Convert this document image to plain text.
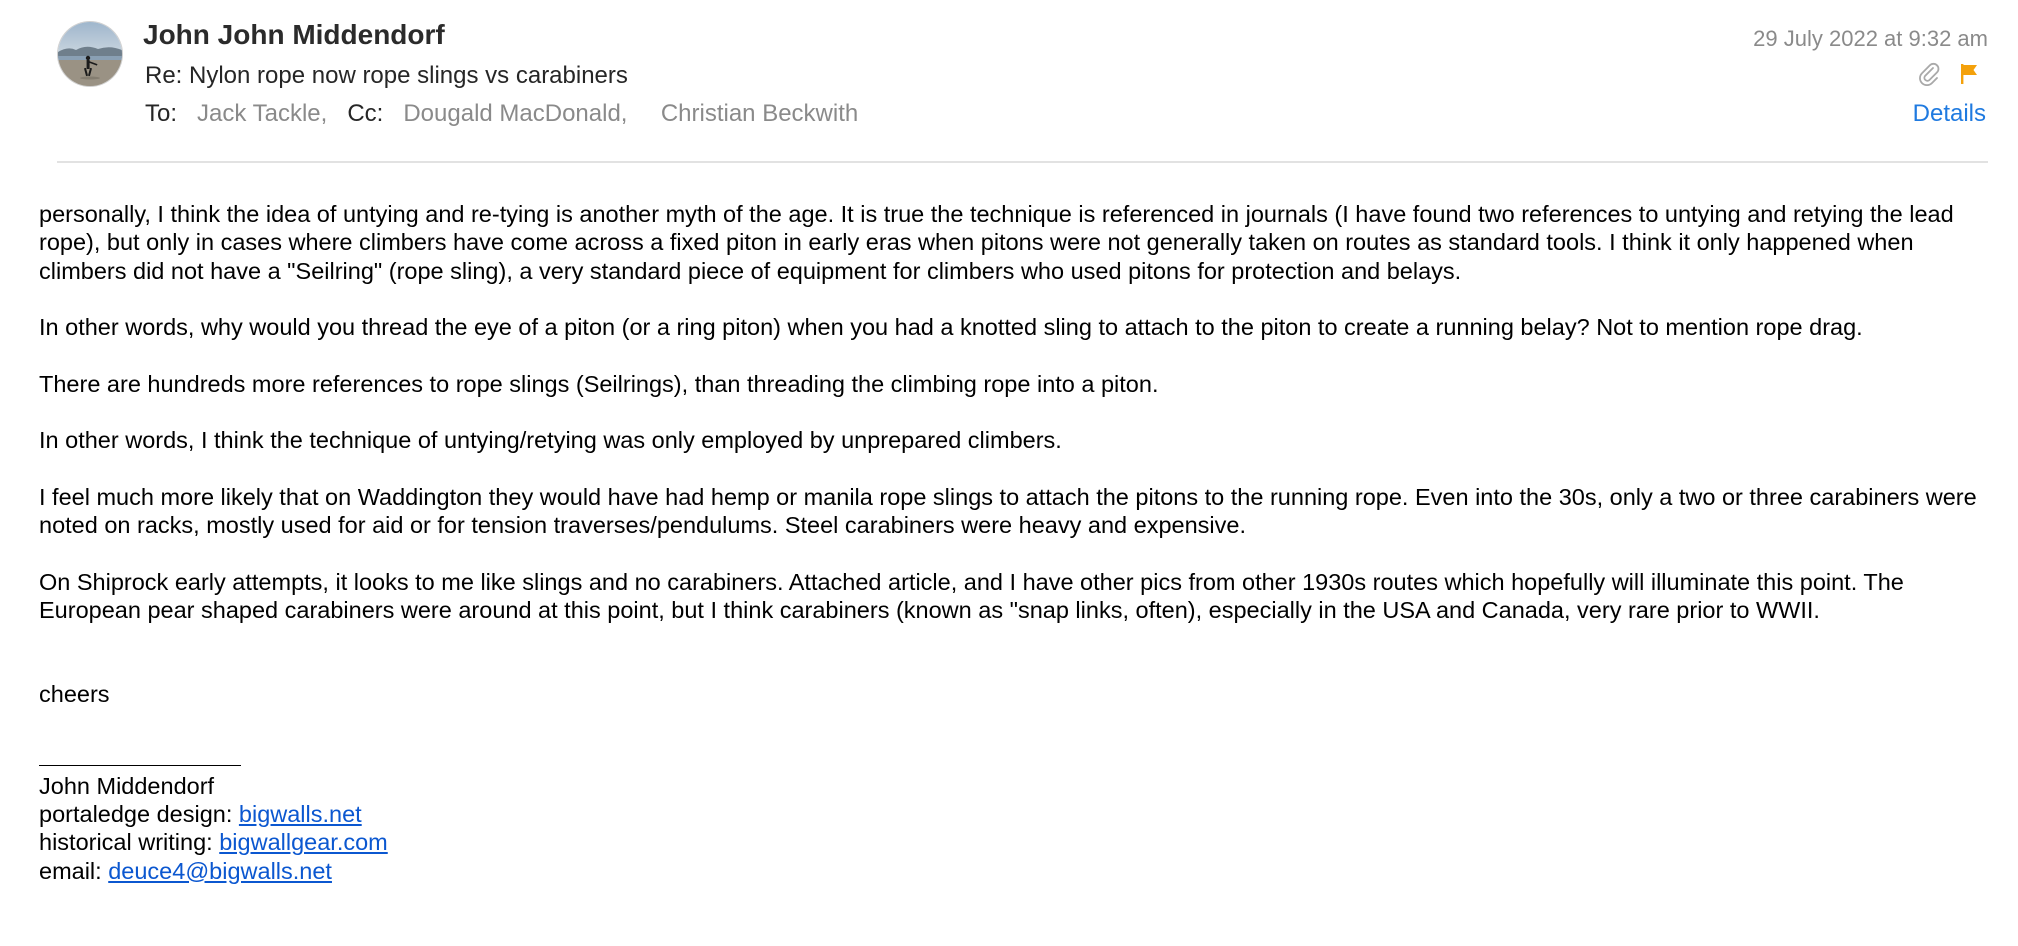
John John Middendorf
Re: Nylon rope now rope slings vs carabiners
To: Jack Tackle, Cc: Dougald MacDonald, Christian Beckwith
29 July 2022 at 9:32 am
Details

personally, I think the idea of untying and re-tying is another myth of the age. It is true the technique is referenced in journals (I have found two references to untying and retying the lead rope), but only in cases where climbers have come across a fixed piton in early eras when pitons were not generally taken on routes as standard tools. I think it only happened when climbers did not have a "Seilring" (rope sling), a very standard piece of equipment for climbers who used pitons for protection and belays.

In other words, why would you thread the eye of a piton (or a ring piton) when you had a knotted sling to attach to the piton to create a running belay? Not to mention rope drag.

There are hundreds more references to rope slings (Seilrings), than threading the climbing rope into a piton.

In other words, I think the technique of untying/retying was only employed by unprepared climbers.

I feel much more likely that on Waddington they would have had hemp or manila rope slings to attach the pitons to the running rope. Even into the 30s, only a two or three carabiners were noted on racks, mostly used for aid or for tension traverses/pendulums. Steel carabiners were heavy and expensive.

On Shiprock early attempts, it looks to me like slings and no carabiners. Attached article, and I have other pics from other 1930s routes which hopefully will illuminate this point. The European pear shaped carabiners were around at this point, but I think carabiners (known as "snap links, often), especially in the USA and Canada, very rare prior to WWII.

cheers

John Middendorf

portaledge design: bigwalls.net

historical writing: bigwallgear.com

email: deuce4@bigwalls.net
